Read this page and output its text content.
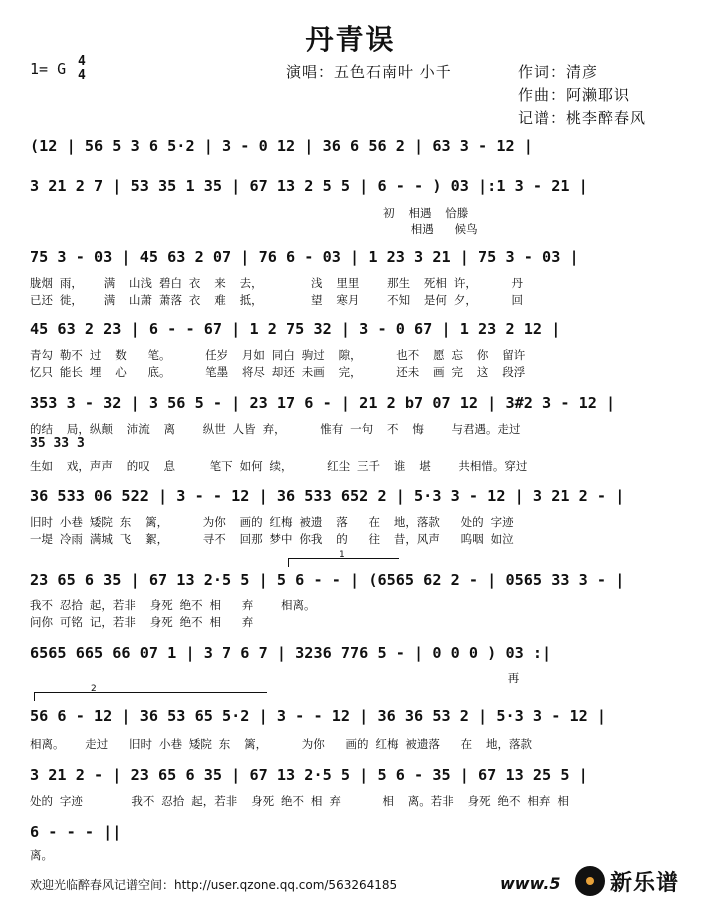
丹青误
1= G 4
4	演唱：五色石南叶 小千	作词：清彦
作曲：阿濑耶识
记谱：桃李醉春风
(12 | 56 5 3 6 5·2 | 3 - 0 12 | 36 6 56 2 | 63 3 - 12 |
3 21 2 7 | 53 35 1 35 | 67 13 2 5 5 | 6 - - ) 03 |:1 3 - 21 |
初  相遇  恰滕
相遇   候鸟
75 3 - 03 | 45 63 2 07 | 76 6 - 03 | 1 23 3 21 | 75 3 - 03 |
胧烟 雨，   满  山浅 碧白 衣  来  去，       浅  里里    那生  死相 许，     丹
已还 徙，   满  山萧 萧落 衣  难  抵，       望  寒月    不知  是何 夕，     回
45 63 2 23 | 6 - - 67 | 1 2 75 32 | 3 - 0 67 | 1 23 2 12 |
青勾 勒不 过  数   笔。     任岁  月如 同白 驹过  隙，     也不  愿 忘  你  留许
忆只 能长 埋  心   底。     笔墨  将尽 却还 未画  完，     还未  画 完  这  段浮
353 3 - 32 | 3 56 5 - | 23 17 6 - | 21 2 b7 07 12 | 3#2 3 - 12 |
的结  局，纵颠  沛流  离    纵世 人皆 弃，     惟有 一句  不  悔    与君遇。走过
35 33 3
生如  戏，声声  的叹  息     笔下 如何 续，     红尘 三千  谁  堪    共相惜。穿过
36 533 06 522 | 3 - - 12 | 36 533 652 2 | 5·3 3 - 12 | 3 21 2 - |
旧时 小巷 矮院 东  篱，     为你  画的 红梅 被遗  落   在  地，落款   处的 字迹
一堤 冷雨 满城 飞  絮，     寻不  回那 梦中 你我  的   往  昔，风声   呜咽 如泣
1
23 65 6 35 | 67 13 2·5 5 | 5 6 - - | (6565 62 2 - | 0565 33 3 - |
我不 忍拾 起，若非  身死 绝不 相   弃    相离。
问你 可铭 记，若非  身死 绝不 相   弃
6565 665 66 07 1 | 3 7 6 7 | 3236 776 5 - | 0 0 0 ) 03 :|
再
2
56 6 - 12 | 36 53 65 5·2 | 3 - - 12 | 36 36 53 2 | 5·3 3 - 12 |
相离。   走过   旧时 小巷 矮院 东  篱，     为你   画的 红梅 被遗落   在  地，落款
3 21 2 - | 23 65 6 35 | 67 13 2·5 5 | 5 6 - 35 | 67 13 25 5 |
处的 字迹       我不 忍拾 起，若非  身死 绝不 相 弃      相  离。若非  身死 绝不 相弃 相
6 - - - ||
离。
欢迎光临醉春风记谱空间：http://user.qzone.qq.com/563264185	www.5 新乐谱
